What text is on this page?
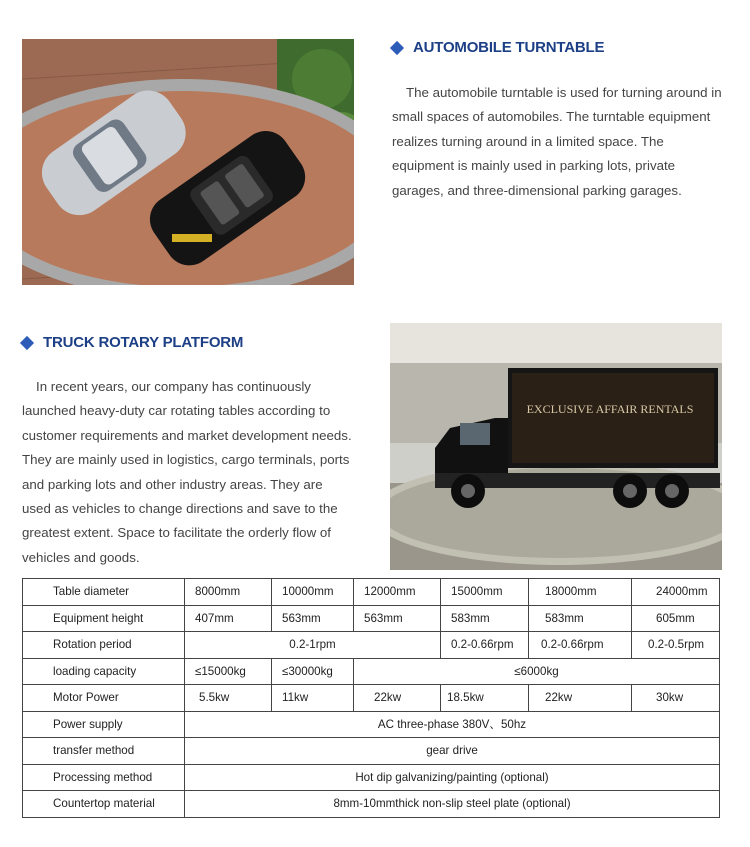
AUTOMOBILE TURNTABLE

The automobile turntable is used for turning around in small spaces of automobiles. The turntable equipment realizes turning around in a limited space. The equipment is mainly used in parking lots, private garages, and three-dimensional parking garages.

TRUCK ROTARY PLATFORM

In recent years, our company has continuously launched heavy-duty car rotating tables according to customer requirements and market development needs. They are mainly used in logistics, cargo terminals, ports and parking lots and other industry areas. They are used as vehicles to change directions and save to the greatest extent. Space to facilitate the orderly flow of vehicles and goods.

EXCLUSIVE AFFAIR RENTALS
Table diameter	8000mm	10000mm	12000mm	15000mm	18000mm	24000mm
Equipment height	407mm	563mm	563mm	583mm	583mm	605mm
Rotation period	0.2-1rpm			0.2-0.66rpm	0.2-0.66rpm	0.2-0.5rpm
loading capacity	≤15000kg	≤30000kg	≤6000kg			
Motor Power	5.5kw	11kw	22kw	18.5kw	22kw	30kw
Power supply	AC three-phase 380V、50hz					
transfer method	gear drive					
Processing method	Hot dip galvanizing/painting (optional)					
Countertop material	8mm-10mmthick non-slip steel plate (optional)					
